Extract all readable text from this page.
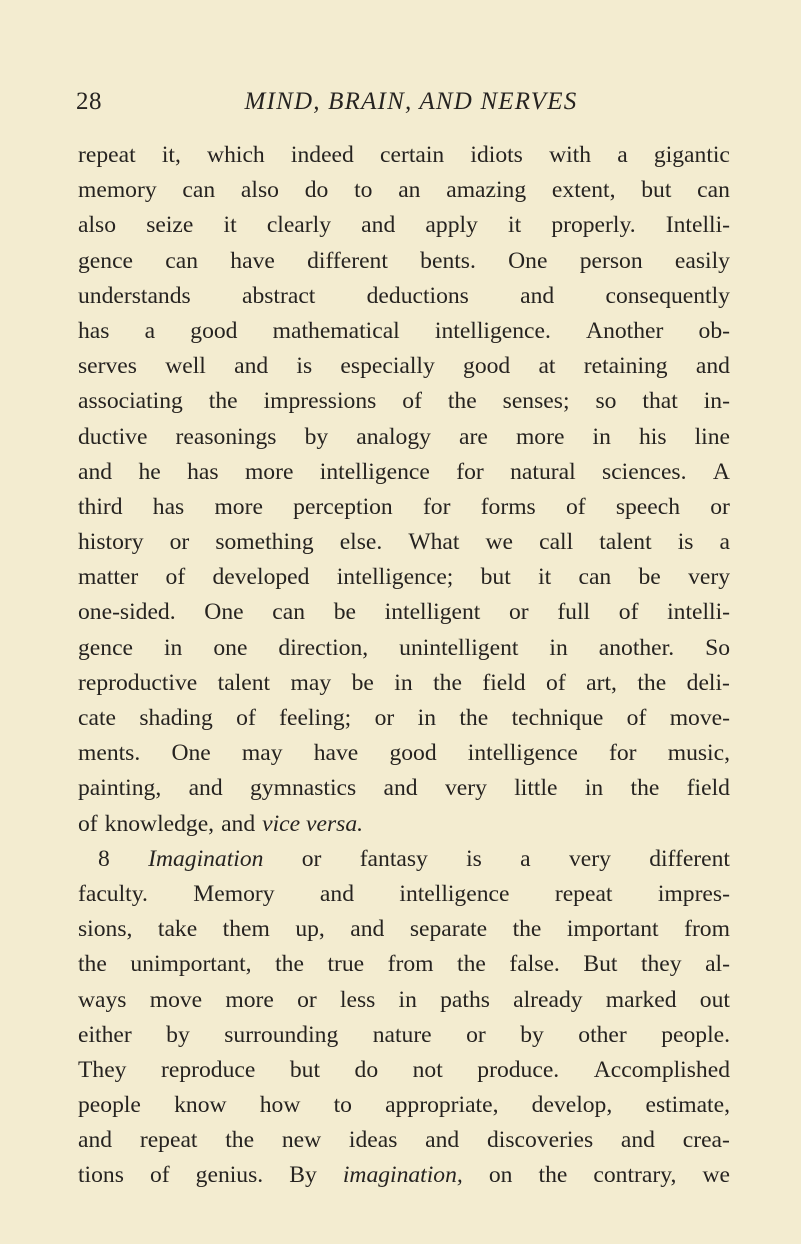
28	MIND, BRAIN, AND NERVES
repeat it, which indeed certain idiots with a gigantic
memory can also do to an amazing extent, but can
also seize it clearly and apply it properly. Intelli-
gence can have different bents. One person easily
understands abstract deductions and consequently
has a good mathematical intelligence. Another ob-
serves well and is especially good at retaining and
associating the impressions of the senses; so that in-
ductive reasonings by analogy are more in his line
and he has more intelligence for natural sciences. A
third has more perception for forms of speech or
history or something else. What we call talent is a
matter of developed intelligence; but it can be very
one-sided. One can be intelligent or full of intelli-
gence in one direction, unintelligent in another. So
reproductive talent may be in the field of art, the deli-
cate shading of feeling; or in the technique of move-
ments. One may have good intelligence for music,
painting, and gymnastics and very little in the field
of knowledge, and vice versa.
8 Imagination or fantasy is a very different
faculty. Memory and intelligence repeat impres-
sions, take them up, and separate the important from
the unimportant, the true from the false. But they al-
ways move more or less in paths already marked out
either by surrounding nature or by other people.
They reproduce but do not produce. Accomplished
people know how to appropriate, develop, estimate,
and repeat the new ideas and discoveries and crea-
tions of genius. By imagination, on the contrary, we
